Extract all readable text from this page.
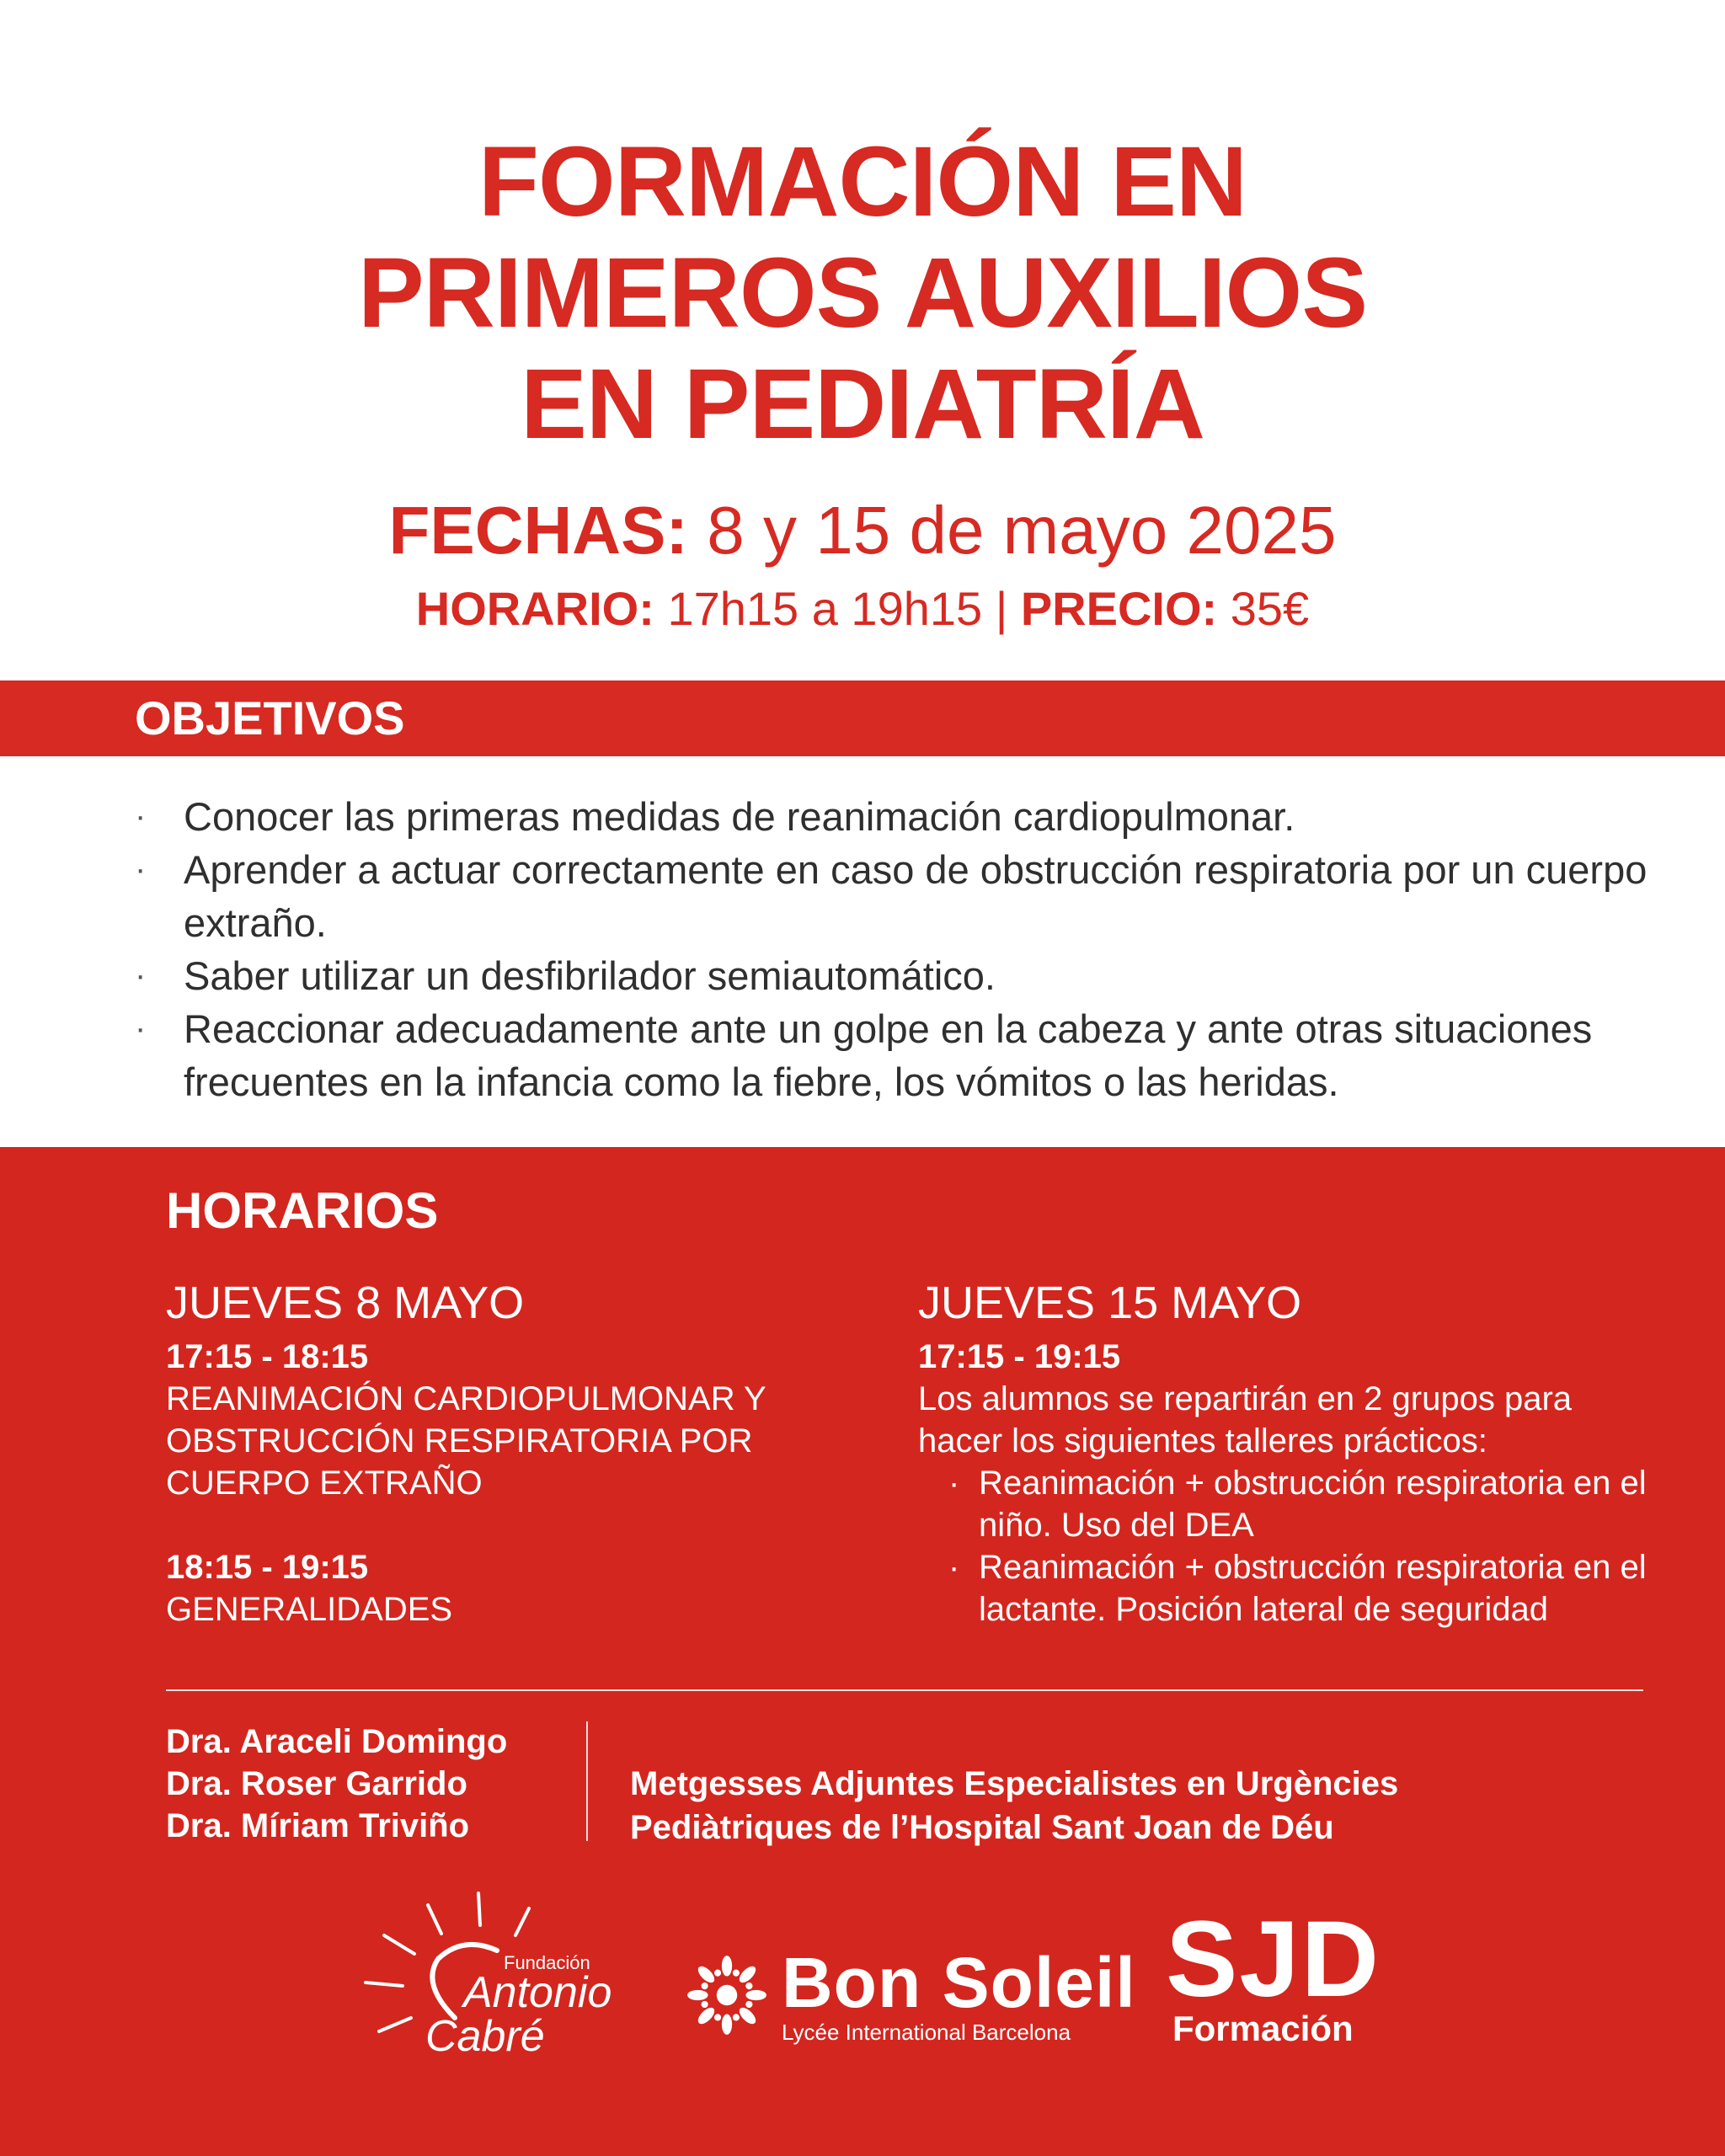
FORMACIÓN EN
PRIMEROS AUXILIOS
EN PEDIATRÍA
FECHAS: 8 y 15 de mayo 2025
HORARIO: 17h15 a 19h15 | PRECIO: 35€
OBJETIVOS
· Conocer las primeras medidas de reanimación cardiopulmonar.
· Aprender a actuar correctamente en caso de obstrucción respiratoria por un cuerpo extraño.
· Saber utilizar un desfibrilador semiautomático.
· Reaccionar adecuadamente ante un golpe en la cabeza y ante otras situaciones frecuentes en la infancia como la fiebre, los vómitos o las heridas.
HORARIOS
JUEVES 8 MAYO
17:15 - 18:15
REANIMACIÓN CARDIOPULMONAR Y OBSTRUCCIÓN RESPIRATORIA POR CUERPO EXTRAÑO
18:15 - 19:15
GENERALIDADES
JUEVES 15 MAYO
17:15 - 19:15
Los alumnos se repartirán en 2 grupos para hacer los siguientes talleres prácticos:
· Reanimación + obstrucción respiratoria en el niño. Uso del DEA
· Reanimación + obstrucción respiratoria en el lactante. Posición lateral de seguridad
Dra. Araceli Domingo
Dra. Roser Garrido
Dra. Míriam Triviño
Metgesses Adjuntes Especialistes en Urgències
Pediàtriques de l’Hospital Sant Joan de Déu
Fundación
Antonio
Cabré
Bon Soleil
Lycée International Barcelona
SJD
Formación
